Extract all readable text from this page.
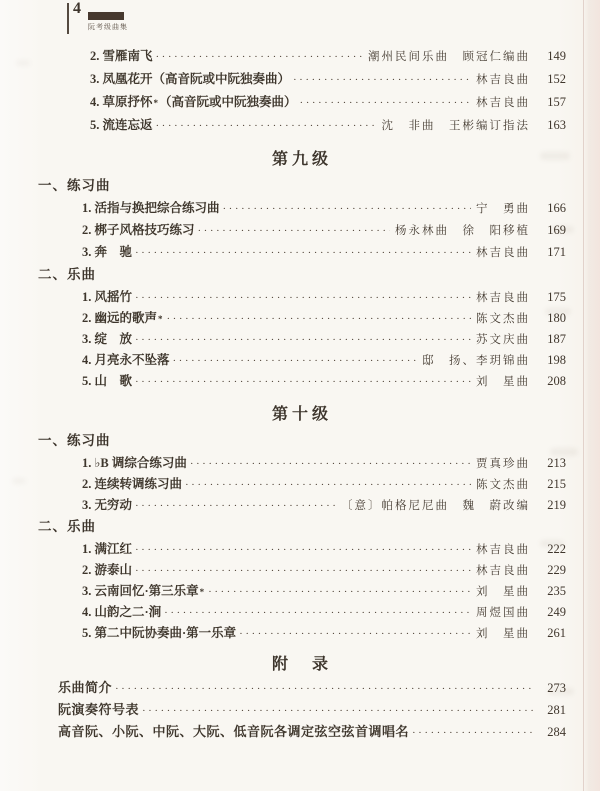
4
阮考级曲集
2. 雪雁南飞 ·····	潮州民间乐曲　顾冠仁编曲	149
3. 凤凰花开（高音阮或中阮独奏曲） ·····	林吉良曲	152
4. 草原抒怀 * （高音阮或中阮独奏曲） ·····	林吉良曲	157
5. 流连忘返 ·····	沈　非曲　王彬编订指法	163
第九级
一、练习曲
1. 活指与换把综合练习曲 ·····	宁　勇曲	166
2. 梆子风格技巧练习 ·····	杨永林曲　徐　阳移植	169
3. 奔　驰 ·····	林吉良曲	171
二、乐曲
1. 风摇竹 ·····	林吉良曲	175
2. 幽远的歌声 * ·····	陈文杰曲	180
3. 绽　放 ·····	苏文庆曲	187
4. 月亮永不坠落 ·····	邸　扬、李玥锦曲	198
5. 山　歌 ·····	刘　星曲	208
第十级
一、练习曲
1. ♭B 调综合练习曲 ·····	贾真珍曲	213
2. 连续转调练习曲 ·····	陈文杰曲	215
3. 无穷动 ·····	〔意〕帕格尼尼曲　魏　蔚改编	219
二、乐曲
1. 满江红 ·····	林吉良曲	222
2. 游泰山 ·····	林吉良曲	229
3. 云南回忆·第三乐章 * ·····	刘　星曲	235
4. 山韵之二·涧 ·····	周煜国曲	249
5. 第二中阮协奏曲·第一乐章 ·····	刘　星曲	261
附　录
乐曲简介 ·····	273
阮演奏符号表 ·····	281
高音阮、小阮、中阮、大阮、低音阮各调定弦空弦首调唱名 ·····	284
